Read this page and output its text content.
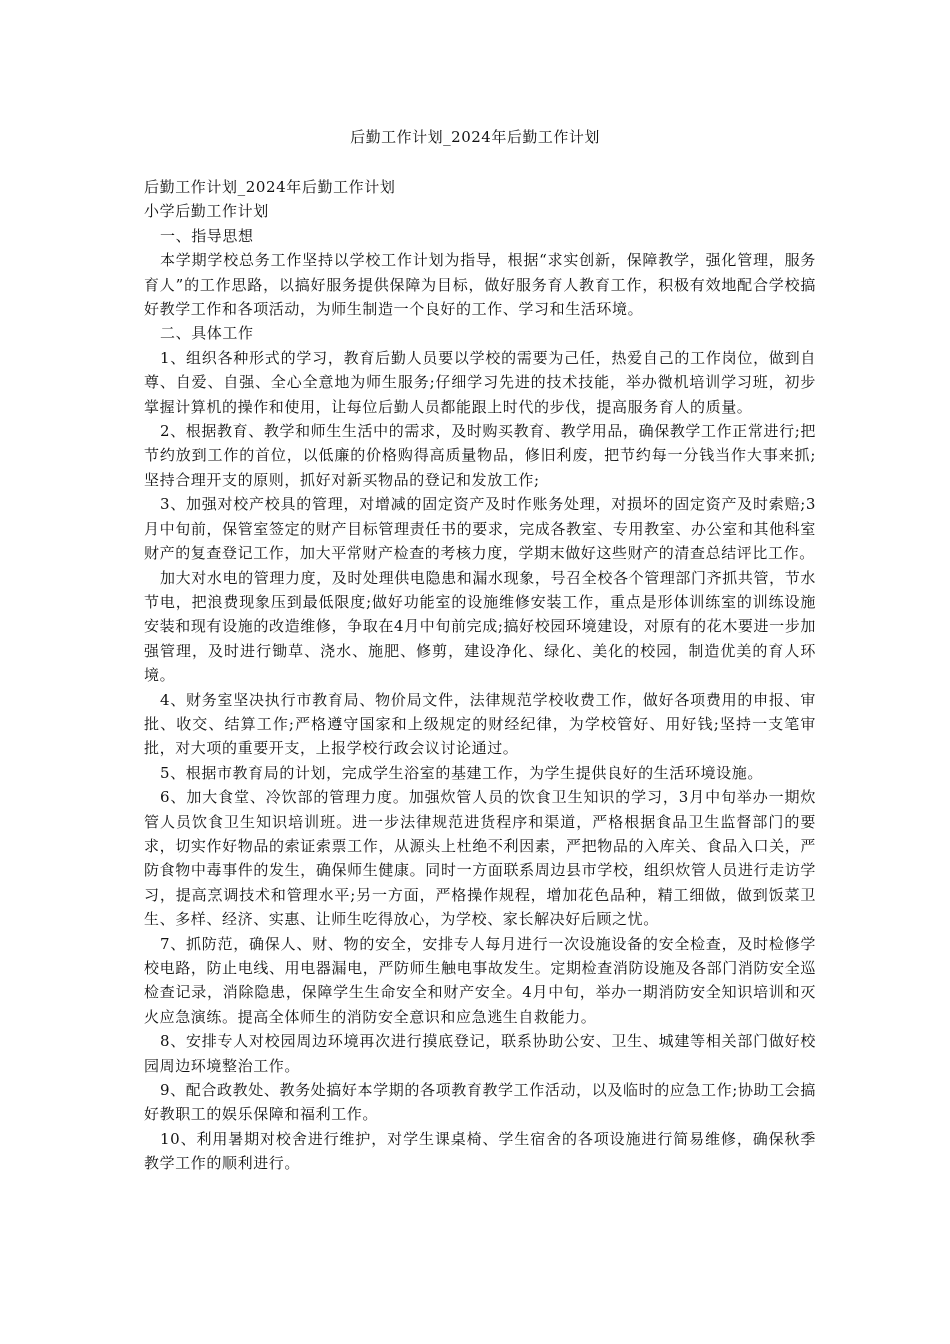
后勤工作计划_2024年后勤工作计划

后勤工作计划_2024年后勤工作计划

小学后勤工作计划

一、指导思想

本学期学校总务工作坚持以学校工作计划为指导，根据“求实创新，保障教学，强化管理，服务育人”的工作思路，以搞好服务提供保障为目标，做好服务育人教育工作，积极有效地配合学校搞好教学工作和各项活动，为师生制造一个良好的工作、学习和生活环境。

二、具体工作

1、组织各种形式的学习，教育后勤人员要以学校的需要为己任，热爱自己的工作岗位，做到自尊、自爱、自强、全心全意地为师生服务;仔细学习先进的技术技能，举办微机培训学习班，初步掌握计算机的操作和使用，让每位后勤人员都能跟上时代的步伐，提高服务育人的质量。

2、根据教育、教学和师生生活中的需求，及时购买教育、教学用品，确保教学工作正常进行;把节约放到工作的首位，以低廉的价格购得高质量物品，修旧利废，把节约每一分钱当作大事来抓;坚持合理开支的原则，抓好对新买物品的登记和发放工作;

3、加强对校产校具的管理，对增减的固定资产及时作账务处理，对损坏的固定资产及时索赔;3月中旬前，保管室签定的财产目标管理责任书的要求，完成各教室、专用教室、办公室和其他科室财产的复查登记工作，加大平常财产检查的考核力度，学期末做好这些财产的清查总结评比工作。

加大对水电的管理力度，及时处理供电隐患和漏水现象，号召全校各个管理部门齐抓共管，节水节电，把浪费现象压到最低限度;做好功能室的设施维修安装工作，重点是形体训练室的训练设施安装和现有设施的改造维修，争取在4月中旬前完成;搞好校园环境建设，对原有的花木要进一步加强管理，及时进行锄草、浇水、施肥、修剪，建设净化、绿化、美化的校园，制造优美的育人环境。

4、财务室坚决执行市教育局、物价局文件，法律规范学校收费工作，做好各项费用的申报、审批、收交、结算工作;严格遵守国家和上级规定的财经纪律，为学校管好、用好钱;坚持一支笔审批，对大项的重要开支，上报学校行政会议讨论通过。

5、根据市教育局的计划，完成学生浴室的基建工作，为学生提供良好的生活环境设施。

6、加大食堂、冷饮部的管理力度。加强炊管人员的饮食卫生知识的学习，3月中旬举办一期炊管人员饮食卫生知识培训班。进一步法律规范进货程序和渠道，严格根据食品卫生监督部门的要求，切实作好物品的索证索票工作，从源头上杜绝不利因素，严把物品的入库关、食品入口关，严防食物中毒事件的发生，确保师生健康。同时一方面联系周边县市学校，组织炊管人员进行走访学习，提高烹调技术和管理水平;另一方面，严格操作规程，增加花色品种，精工细做，做到饭菜卫生、多样、经济、实惠、让师生吃得放心，为学校、家长解决好后顾之忧。

7、抓防范，确保人、财、物的安全，安排专人每月进行一次设施设备的安全检查，及时检修学校电路，防止电线、用电器漏电，严防师生触电事故发生。定期检查消防设施及各部门消防安全巡检查记录，消除隐患，保障学生生命安全和财产安全。4月中旬，举办一期消防安全知识培训和灭火应急演练。提高全体师生的消防安全意识和应急逃生自救能力。

8、安排专人对校园周边环境再次进行摸底登记，联系协助公安、卫生、城建等相关部门做好校园周边环境整治工作。

9、配合政教处、教务处搞好本学期的各项教育教学工作活动，以及临时的应急工作;协助工会搞好教职工的娱乐保障和福利工作。

10、利用暑期对校舍进行维护，对学生课桌椅、学生宿舍的各项设施进行简易维修，确保秋季教学工作的顺利进行。
